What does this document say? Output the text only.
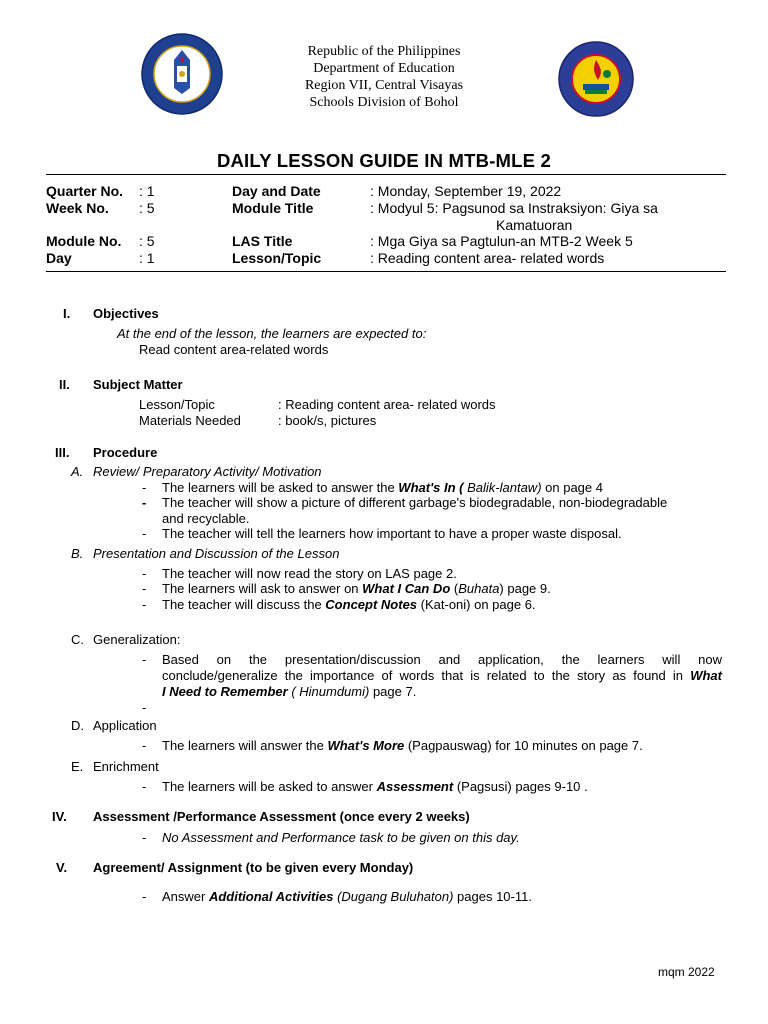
Republic of the Philippines
Department of Education
Region VII, Central Visayas
Schools Division of Bohol
DAILY LESSON GUIDE IN MTB-MLE 2
Quarter No. : 1	Day and Date	: Monday, September 19, 2022
Week No. : 5	Module Title	: Modyul 5: Pagsunod sa Instraksiyon: Giya sa
Kamatuoran
Module No. : 5	LAS Title	: Mga Giya sa Pagtulun-an MTB-2 Week 5
Day	: 1	Lesson/Topic	: Reading content area- related words
I. Objectives
At the end of the lesson, the learners are expected to:
Read content area-related words
II. Subject Matter
Lesson/Topic	: Reading content area- related words
Materials Needed	: book/s, pictures
III. Procedure
A. Review/ Preparatory Activity/ Motivation
- The learners will be asked to answer the What's In ( Balik-lantaw) on page 4
- The teacher will show a picture of different garbage's biodegradable, non-biodegradable
and recyclable.
- The teacher will tell the learners how important to have a proper waste disposal.
B. Presentation and Discussion of the Lesson
- The teacher will now read the story on LAS page 2.
- The learners will ask to answer on What I Can Do (Buhata) page 9.
- The teacher will discuss the Concept Notes (Kat-oni) on page 6.
C. Generalization:
- Based on the presentation/discussion and application, the learners will now
conclude/generalize the importance of words that is related to the story as found in What
I Need to Remember ( Hinumdumi) page 7.
-
D. Application
- The learners will answer the What's More (Pagpauswag) for 10 minutes on page 7.
E. Enrichment
- The learners will be asked to answer Assessment (Pagsusi) pages 9-10 .
IV. Assessment /Performance Assessment (once every 2 weeks)
- No Assessment and Performance task to be given on this day.
V. Agreement/ Assignment (to be given every Monday)
- Answer Additional Activities (Dugang Buluhaton) pages 10-11.
mqm 2022
